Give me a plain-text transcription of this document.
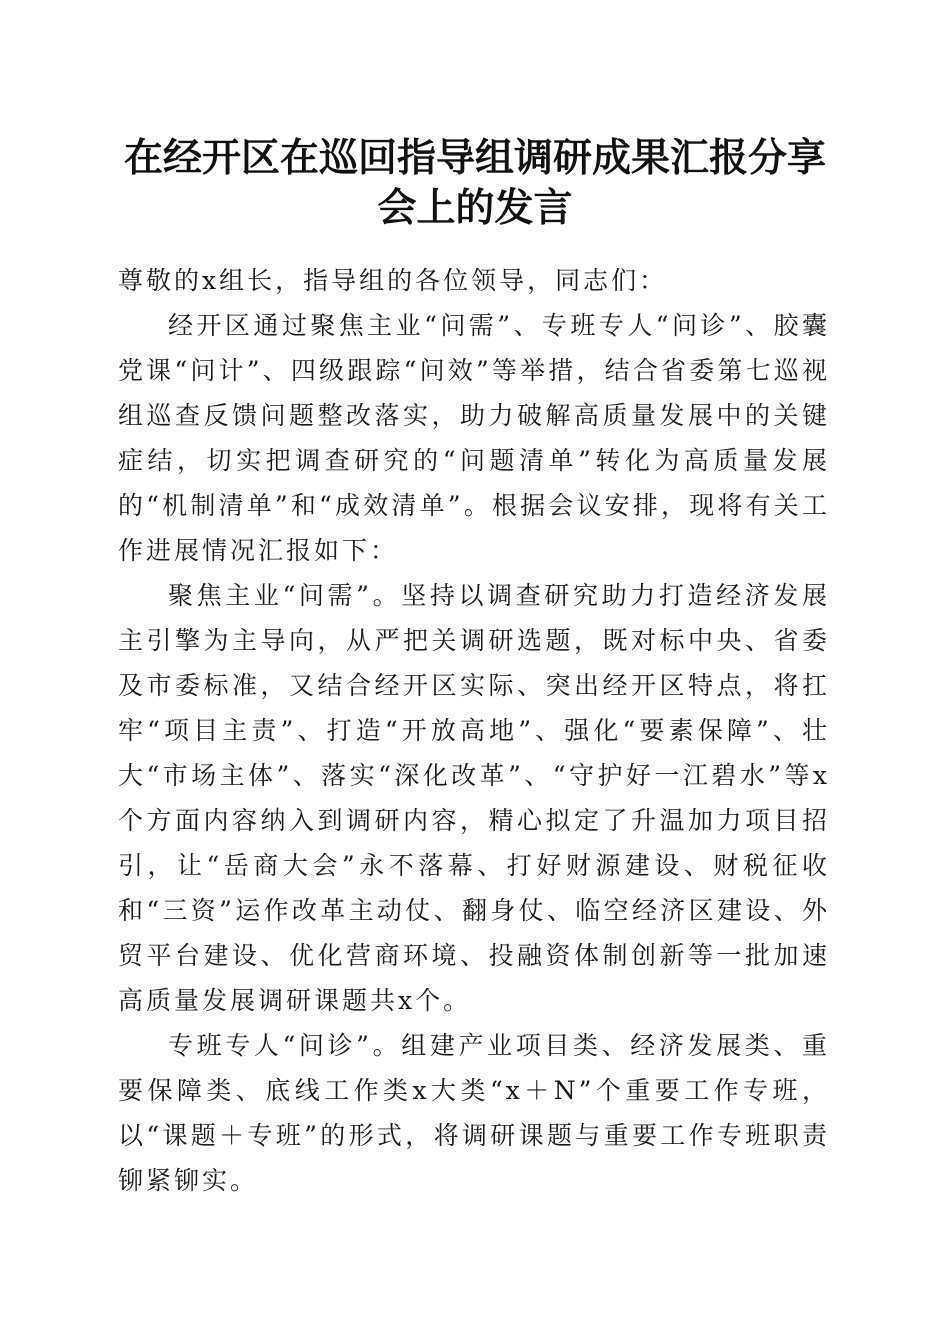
在经开区在巡回指导组调研成果汇报分享会上的发言

尊敬的x组长，指导组的各位领导，同志们：

经开区通过聚焦主业“问需”、专班专人“问诊”、胶囊党课“问计”、四级跟踪“问效”等举措，结合省委第七巡视组巡查反馈问题整改落实，助力破解高质量发展中的关键症结，切实把调查研究的“问题清单”转化为高质量发展的“机制清单”和“成效清单”。根据会议安排，现将有关工作进展情况汇报如下：

聚焦主业“问需”。坚持以调查研究助力打造经济发展主引擎为主导向，从严把关调研选题，既对标中央、省委及市委标准，又结合经开区实际、突出经开区特点，将扛牢“项目主责”、打造“开放高地”、强化“要素保障”、壮大“市场主体”、落实“深化改革”、“守护好一江碧水”等x个方面内容纳入到调研内容，精心拟定了升温加力项目招引，让“岳商大会”永不落幕、打好财源建设、财税征收和“三资”运作改革主动仗、翻身仗、临空经济区建设、外贸平台建设、优化营商环境、投融资体制创新等一批加速高质量发展调研课题共x个。

专班专人“问诊”。组建产业项目类、经济发展类、重要保障类、底线工作类x大类“x＋N”个重要工作专班，以“课题＋专班”的形式，将调研课题与重要工作专班职责铆紧铆实。
